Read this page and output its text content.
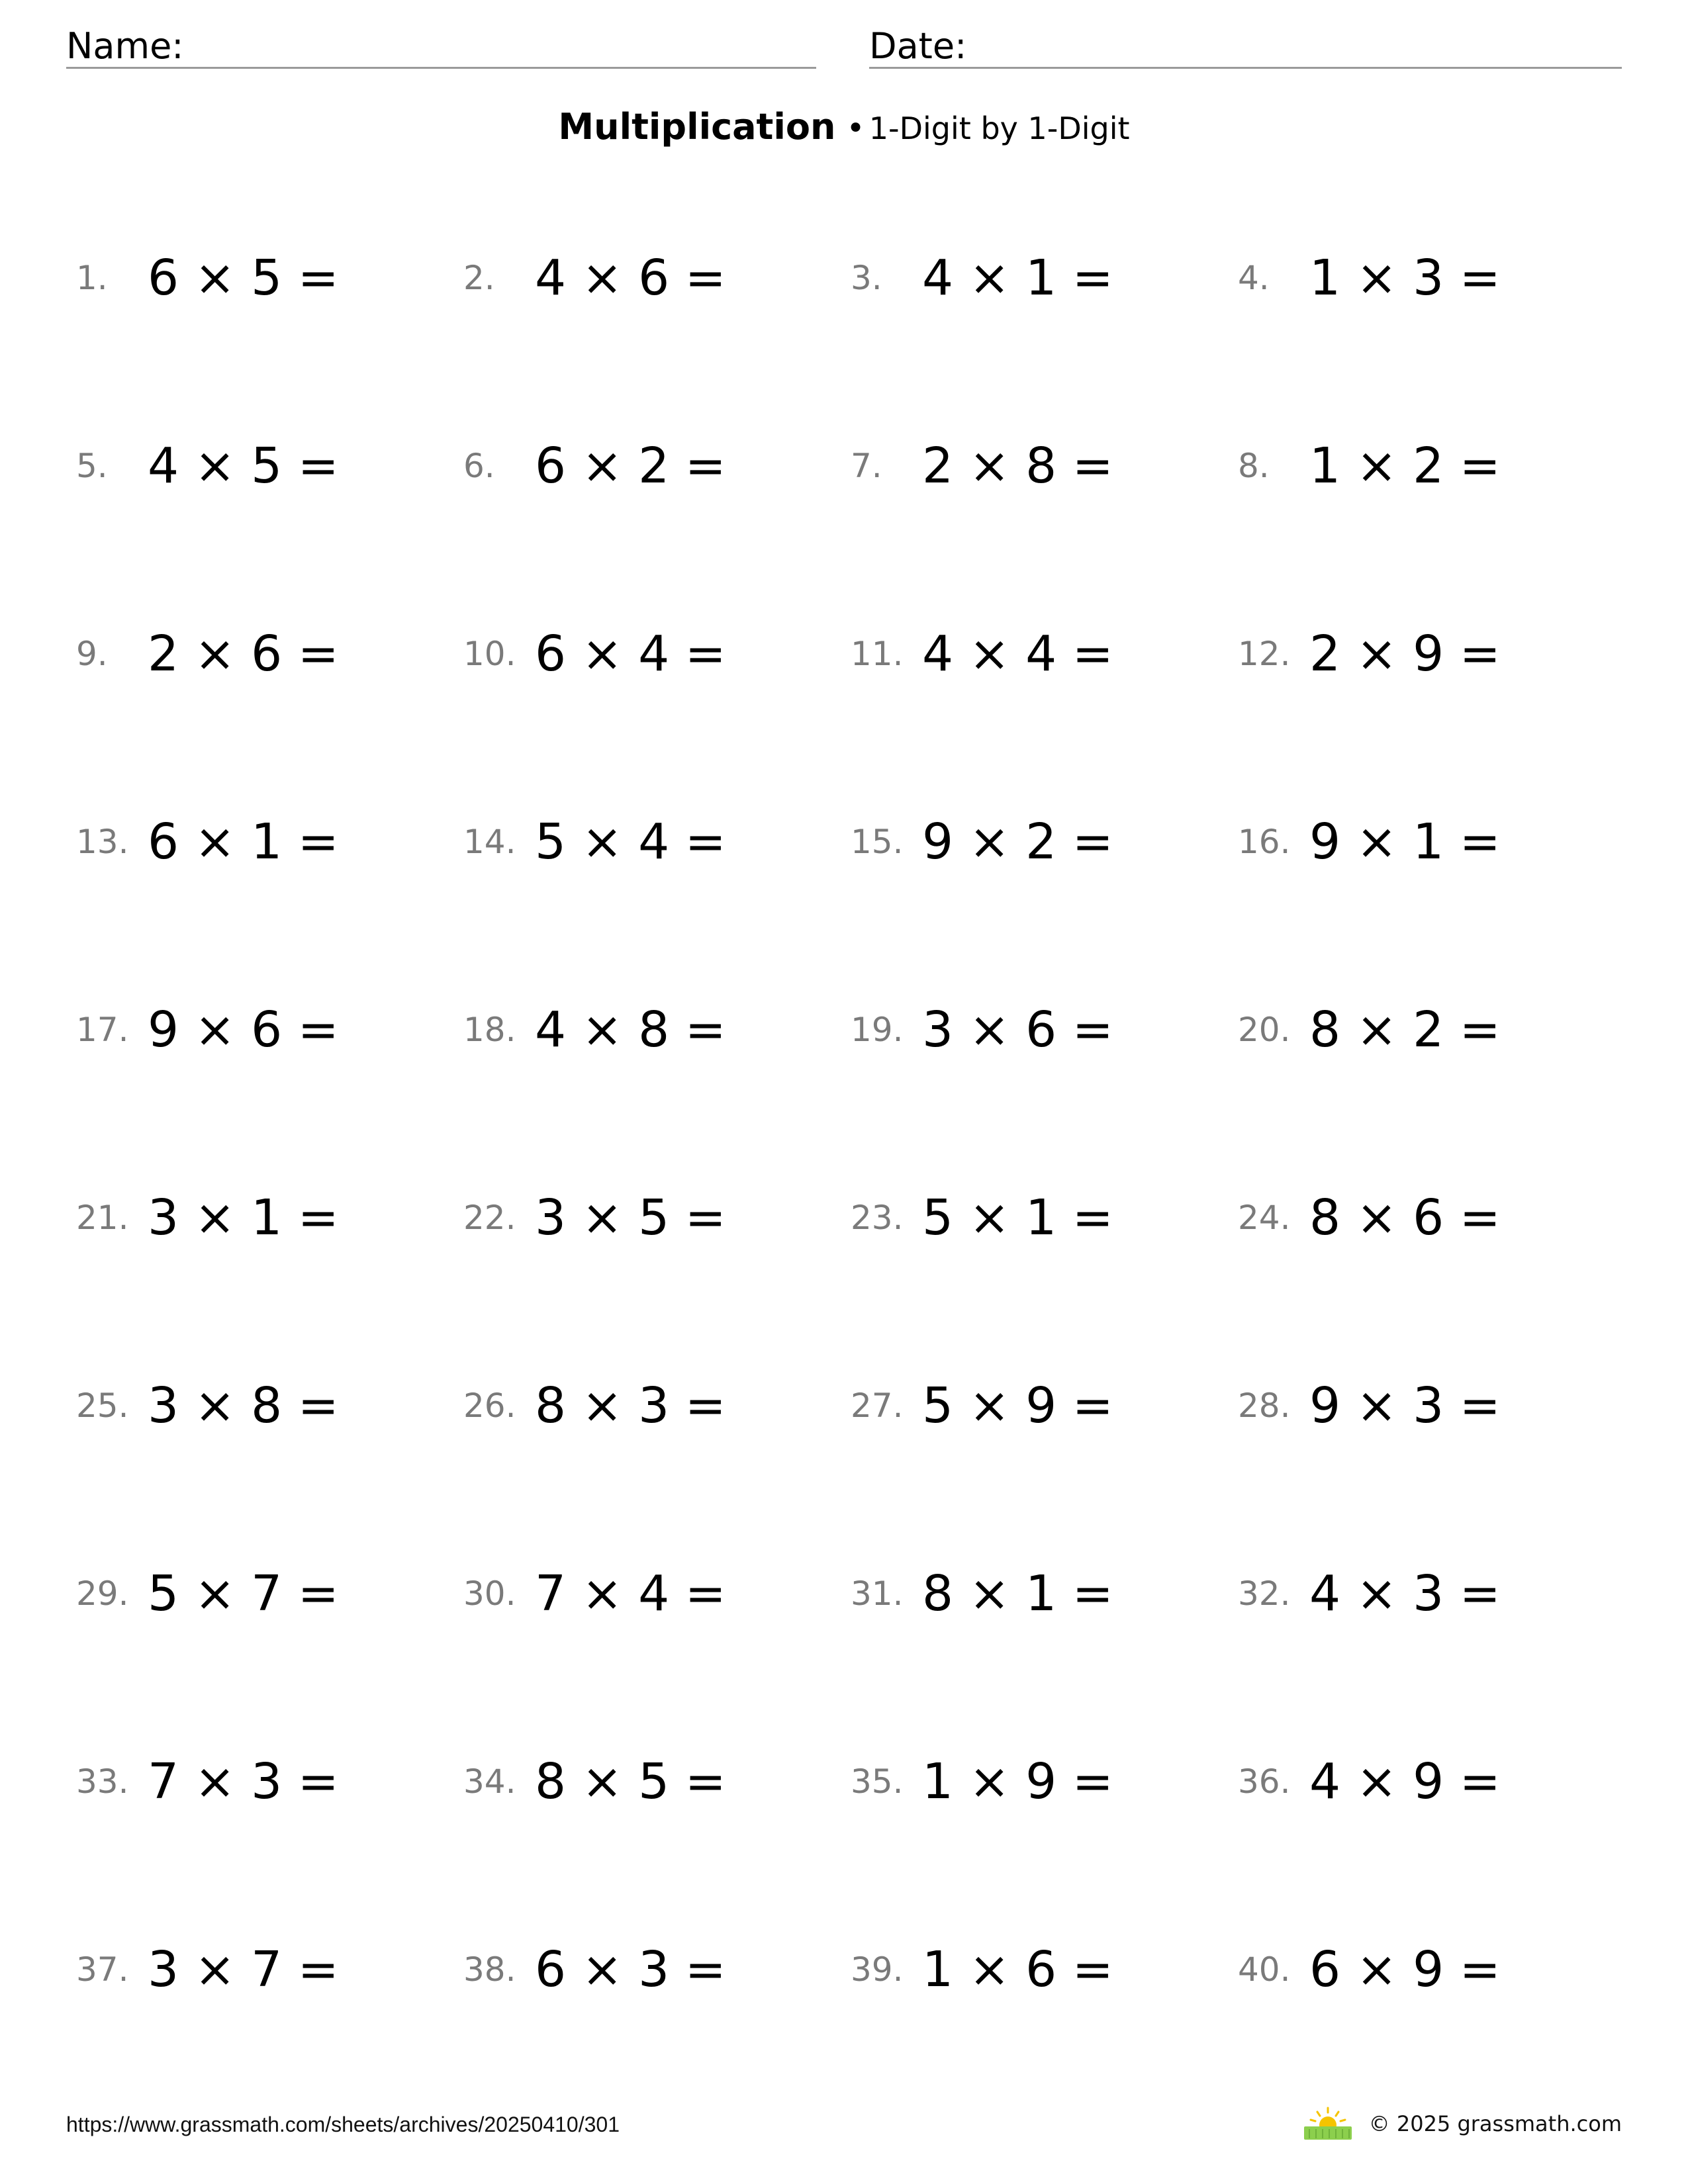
Name:	Date:
Multiplication • 1-Digit by 1-Digit
1. 6 × 5 =	2. 4 × 6 =	3. 4 × 1 =	4. 1 × 3 =
5. 4 × 5 =	6. 6 × 2 =	7. 2 × 8 =	8. 1 × 2 =
9. 2 × 6 =	10. 6 × 4 =	11. 4 × 4 =	12. 2 × 9 =
13. 6 × 1 =	14. 5 × 4 =	15. 9 × 2 =	16. 9 × 1 =
17. 9 × 6 =	18. 4 × 8 =	19. 3 × 6 =	20. 8 × 2 =
21. 3 × 1 =	22. 3 × 5 =	23. 5 × 1 =	24. 8 × 6 =
25. 3 × 8 =	26. 8 × 3 =	27. 5 × 9 =	28. 9 × 3 =
29. 5 × 7 =	30. 7 × 4 =	31. 8 × 1 =	32. 4 × 3 =
33. 7 × 3 =	34. 8 × 5 =	35. 1 × 9 =	36. 4 × 9 =
37. 3 × 7 =	38. 6 × 3 =	39. 1 × 6 =	40. 6 × 9 =
https://www.grassmath.com/sheets/archives/20250410/301	© 2025 grassmath.com
